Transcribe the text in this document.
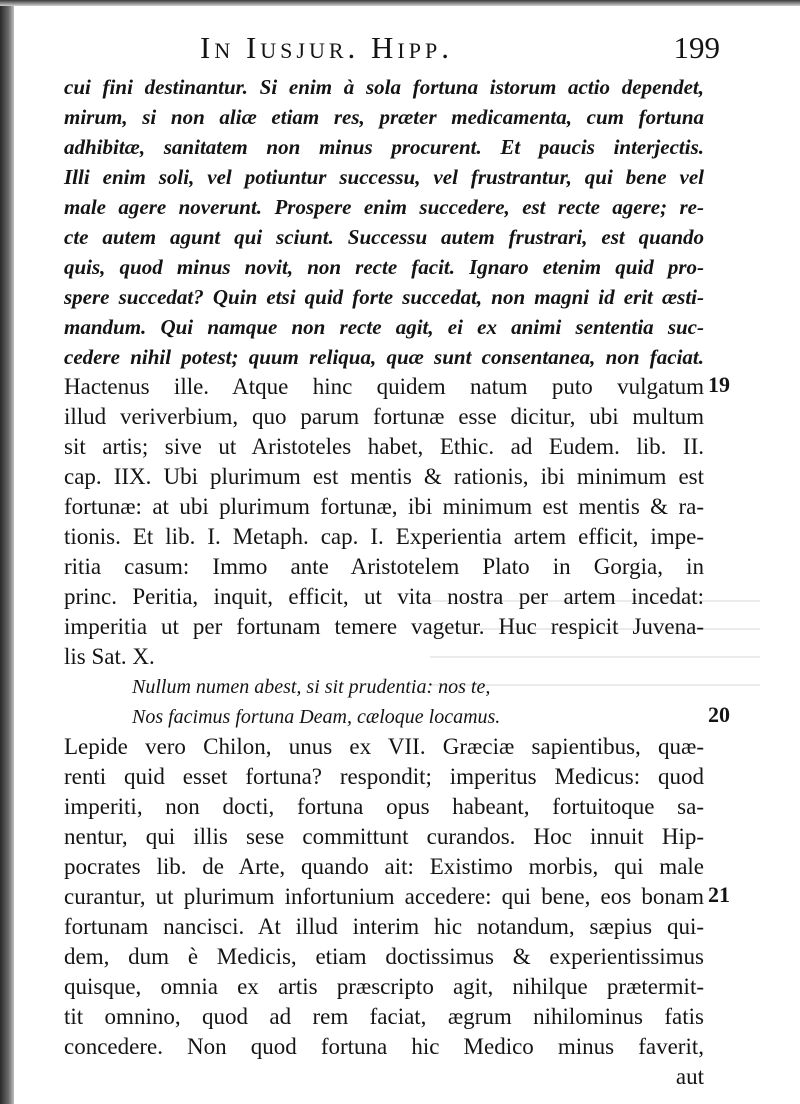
In Iusjur. Hipp.	199
cui fini destinantur. Si enim à sola fortuna istorum actio dependet,
mirum, si non aliæ etiam res, præter medicamenta, cum fortuna
adhibitæ, sanitatem non minus procurent. Et paucis interjectis.
Illi enim soli, vel potiuntur successu, vel frustrantur, qui bene vel
male agere noverunt. Prospere enim succedere, est recte agere; re-
cte autem agunt qui sciunt. Successu autem frustrari, est quando
quis, quod minus novit, non recte facit. Ignaro etenim quid pro-
spere succedat? Quin etsi quid forte succedat, non magni id erit æsti-
mandum. Qui namque non recte agit, ei ex animi sententia suc-
cedere nihil potest; quum reliqua, quæ sunt consentanea, non faciat.
Hactenus ille. Atque hinc quidem natum puto vulgatum
illud veriverbium, quo parum fortunæ esse dicitur, ubi multum
sit artis; sive ut Aristoteles habet, Ethic. ad Eudem. lib. II.
cap. IIX. Ubi plurimum est mentis & rationis, ibi minimum est
fortunæ: at ubi plurimum fortunæ, ibi minimum est mentis & ra-
tionis. Et lib. I. Metaph. cap. I. Experientia artem efficit, impe-
ritia casum: Immo ante Aristotelem Plato in Gorgia, in
princ. Peritia, inquit, efficit, ut vita nostra per artem incedat:
imperitia ut per fortunam temere vagetur. Huc respicit Juvena-
lis Sat. X.
Nullum numen abest, si sit prudentia: nos te,
Nos facimus fortuna Deam, cæloque locamus.
Lepide vero Chilon, unus ex VII. Græciæ sapientibus, quæ-
renti quid esset fortuna? respondit; imperitus Medicus: quod
imperiti, non docti, fortuna opus habeant, fortuitoque sa-
nentur, qui illis sese committunt curandos. Hoc innuit Hip-
pocrates lib. de Arte, quando ait: Existimo morbis, qui male
curantur, ut plurimum infortunium accedere: qui bene, eos bonam
fortunam nancisci. At illud interim hic notandum, sæpius qui-
dem, dum è Medicis, etiam doctissimus & experientissimus
quisque, omnia ex artis præscripto agit, nihilque prætermit-
tit omnino, quod ad rem faciat, ægrum nihilominus fatis
concedere. Non quod fortuna hic Medico minus faverit,
aut
19
20
21
